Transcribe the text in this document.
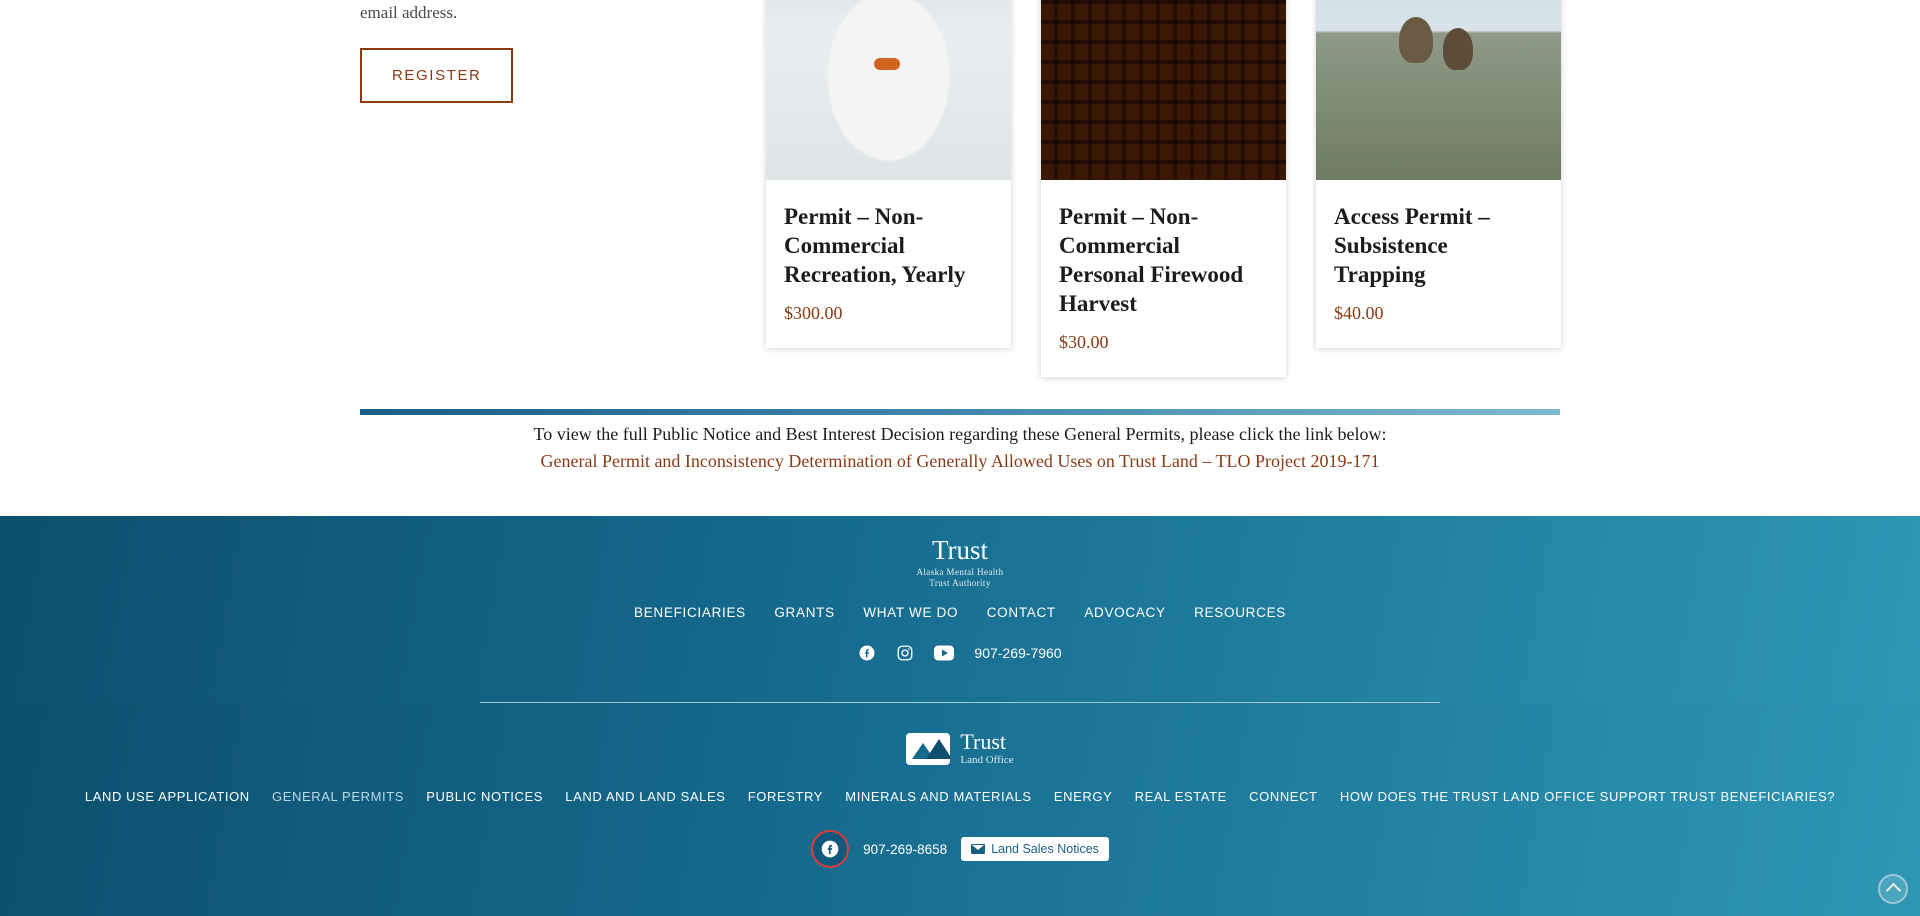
email address.

REGISTER
Permit – Non-Commercial Recreation, Yearly
$300.00
Permit – Non-Commercial Personal Firewood Harvest
$30.00
Access Permit – Subsistence Trapping
$40.00

To view the full Public Notice and Best Interest Decision regarding these General Permits, please click the link below:

General Permit and Inconsistency Determination of Generally Allowed Uses on Trust Land – TLO Project 2019-171
Trust
Alaska Mental Health
Trust Authority
BENEFICIARIES GRANTS WHAT WE DO CONTACT ADVOCACY RESOURCES
907-269-7960
Trust
Land Office
LAND USE APPLICATION GENERAL PERMITS PUBLIC NOTICES LAND AND LAND SALES FORESTRY MINERALS AND MATERIALS ENERGY REAL ESTATE CONNECT HOW DOES THE TRUST LAND OFFICE SUPPORT TRUST BENEFICIARIES?
907-269-8658	Land Sales Notices
